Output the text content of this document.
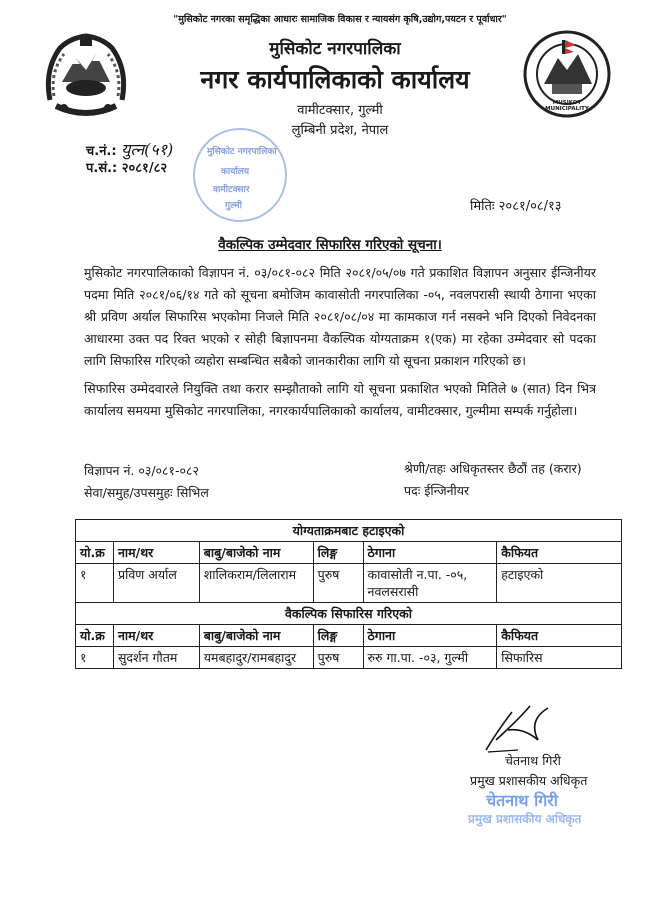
MUSIKOT MUNICIPALITY
"मुसिकोट नगरका समृद्धिका आधारः सामाजिक विकास र न्यायसंग कृषि,उद्योग,पयटन र पूर्वाधार"
मुसिकोट नगरपालिका
नगर कार्यपालिकाको कार्यालय
वामीटक्सार, गुल्मी
लुम्बिनी प्रदेश, नेपाल
च.नं.: युत्न(५१)
प.सं.: २०८१/८२
मुसिकोट नगरपालिका
कार्यालय
वामीटक्सार
गुल्मी	मितिः २०८१/०८/१३
वैकल्पिक उम्मेदवार सिफारिस गरिएको सूचना।

मुसिकोट नगरपालिकाको विज्ञापन नं. ०३/०८१-०८२ मिति २०८१/०५/०७ गते प्रकाशित विज्ञापन अनुसार ईन्जिनीयर पदमा मिति २०८१/०६/१४ गते को सूचना बमोजिम कावासोती नगरपालिका -०५, नवलपरासी स्थायी ठेगाना भएका श्री प्रविण अर्याल सिफारिस भएकोमा निजले मिति २०८१/०८/०४ मा कामकाज गर्न नसक्ने भनि दिएको निवेदनका आधारमा उक्त पद रिक्त भएको र सोही बिज्ञापनमा वैकल्पिक योग्यताक्रम १(एक) मा रहेका उम्मेदवार सो पदका लागि सिफारिस गरिएको व्यहोरा सम्बन्धित सबैको जानकारीका लागि यो सूचना प्रकाशन गरिएको छ।

सिफारिस उम्मेदवारले नियुक्ति तथा करार सम्झौताको लागि यो सूचना प्रकाशित भएको मितिले ७ (सात) दिन भित्र कार्यालय समयमा मुसिकोट नगरपालिका, नगरकार्यपालिकाको कार्यालय, वामीटक्सार, गुल्मीमा सम्पर्क गर्नुहोला।

विज्ञापन नं. ०३/०८१-०८२
सेवा/समुह/उपसमुहः सिभिल
श्रेणी/तहः अधिकृतस्तर छैठौं तह (करार)
पदः ईन्जिनीयर
योग्यताक्रमबाट हटाइएको					
यो.क्र	नाम/थर	बाबु/बाजेको नाम	लिङ्ग	ठेगाना	कैफियत
१	प्रविण अर्याल	शालिकराम/लिलाराम	पुरुष	कावासोती न.पा. -०५, नवलसरासी	हटाइएको
वैकल्पिक सिफारिस गरिएको					
यो.क्र	नाम/थर	बाबु/बाजेको नाम	लिङ्ग	ठेगाना	कैफियत
१	सुदर्शन गौतम	यमबहादुर/रामबहादुर	पुरुष	रुरु गा.पा. -०३, गुल्मी	सिफारिस
चेतनाथ गिरी
प्रमुख प्रशासकीय अधिकृत
चेतनाथ गिरी
प्रमुख प्रशासकीय अधिकृत
